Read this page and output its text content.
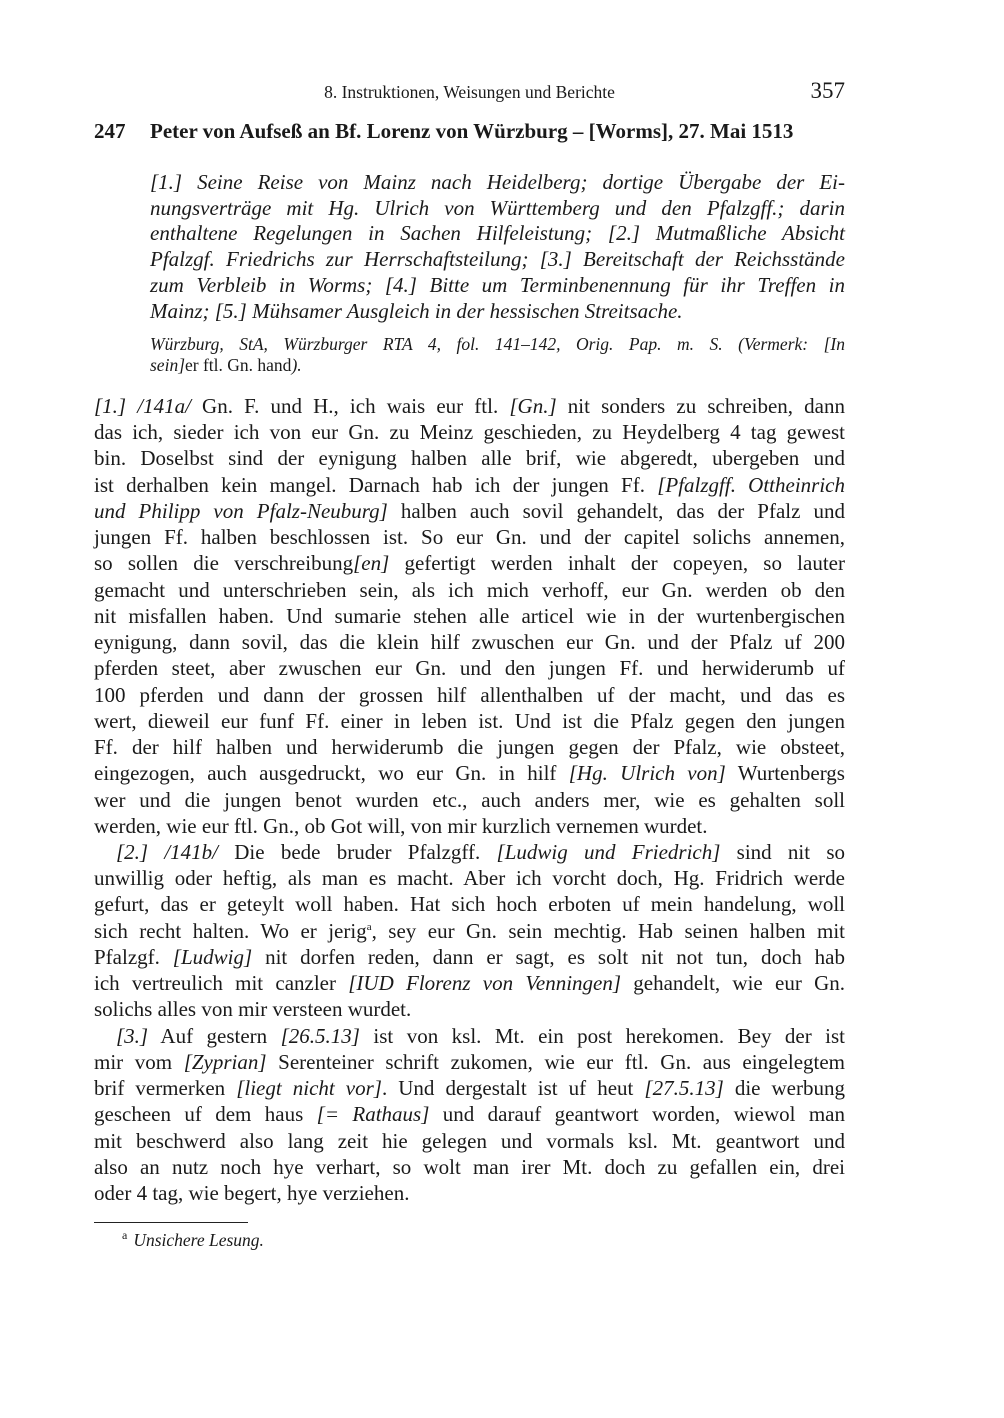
8. Instruktionen, Weisungen und Berichte	357
247 Peter von Aufseß an Bf. Lorenz von Würzburg – [Worms], 27. Mai 1513
[1.] Seine Reise von Mainz nach Heidelberg; dortige Übergabe der Ei-
nungsverträge mit Hg. Ulrich von Württemberg und den Pfalzgff.; darin
enthaltene Regelungen in Sachen Hilfeleistung; [2.] Mutmaßliche Absicht
Pfalzgf. Friedrichs zur Herrschaftsteilung; [3.] Bereitschaft der Reichsstände
zum Verbleib in Worms; [4.] Bitte um Terminbenennung für ihr Treffen in
Mainz; [5.] Mühsamer Ausgleich in der hessischen Streitsache.
Würzburg, StA, Würzburger RTA 4, fol. 141–142, Orig. Pap. m. S. (Vermerk: [In
sein]er ftl. Gn. hand).
[1.] /141a/ Gn. F. und H., ich wais eur ftl. [Gn.] nit sonders zu schreiben, dann
das ich, sieder ich von eur Gn. zu Meinz geschieden, zu Heydelberg 4 tag gewest
bin. Doselbst sind der eynigung halben alle brif, wie abgeredt, ubergeben und
ist derhalben kein mangel. Darnach hab ich der jungen Ff. [Pfalzgff. Ottheinrich
und Philipp von Pfalz-Neuburg] halben auch sovil gehandelt, das der Pfalz und
jungen Ff. halben beschlossen ist. So eur Gn. und der capitel solichs annemen,
so sollen die verschreibung[en] gefertigt werden inhalt der copeyen, so lauter
gemacht und unterschrieben sein, als ich mich verhoff, eur Gn. werden ob den
nit misfallen haben. Und sumarie stehen alle articel wie in der wurtenbergischen
eynigung, dann sovil, das die klein hilf zwuschen eur Gn. und der Pfalz uf 200
pferden steet, aber zwuschen eur Gn. und den jungen Ff. und herwiderumb uf
100 pferden und dann der grossen hilf allenthalben uf der macht, und das es
wert, dieweil eur funf Ff. einer in leben ist. Und ist die Pfalz gegen den jungen
Ff. der hilf halben und herwiderumb die jungen gegen der Pfalz, wie obsteet,
eingezogen, auch ausgedruckt, wo eur Gn. in hilf [Hg. Ulrich von] Wurtenbergs
wer und die jungen benot wurden etc., auch anders mer, wie es gehalten soll
werden, wie eur ftl. Gn., ob Got will, von mir kurzlich vernemen wurdet.
[2.] /141b/ Die bede bruder Pfalzgff. [Ludwig und Friedrich] sind nit so
unwillig oder heftig, als man es macht. Aber ich vorcht doch, Hg. Fridrich werde
gefurt, das er geteylt woll haben. Hat sich hoch erboten uf mein handelung, woll
sich recht halten. Wo er jerig$^a$, sey eur Gn. sein mechtig. Hab seinen halben mit
Pfalzgf. [Ludwig] nit dorfen reden, dann er sagt, es solt nit not tun, doch hab
ich vertreulich mit canzler [IUD Florenz von Venningen] gehandelt, wie eur Gn.
solichs alles von mir versteen wurdet.
[3.] Auf gestern [26.5.13] ist von ksl. Mt. ein post herekomen. Bey der ist
mir vom [Zyprian] Serenteiner schrift zukomen, wie eur ftl. Gn. aus eingelegtem
brif vermerken [liegt nicht vor]. Und dergestalt ist uf heut [27.5.13] die werbung
gescheen uf dem haus [= Rathaus] und darauf geantwort worden, wiewol man
mit beschwerd also lang zeit hie gelegen und vormals ksl. Mt. geantwort und
also an nutz noch hye verhart, so wolt man irer Mt. doch zu gefallen ein, drei
oder 4 tag, wie begert, hye verziehen.
$^a$ Unsichere Lesung.
